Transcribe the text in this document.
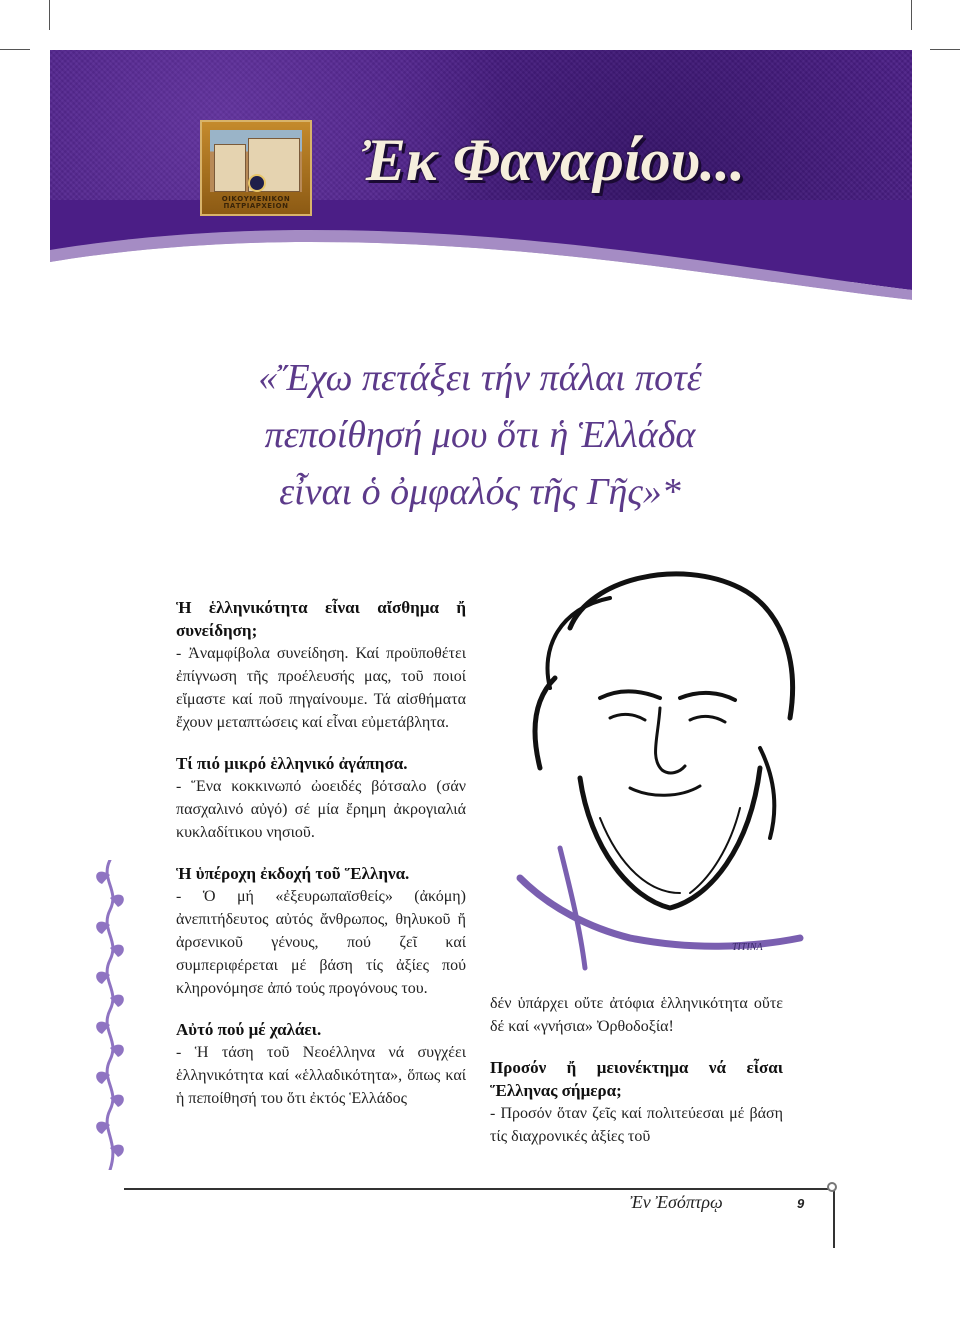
ΟΙΚΟΥΜΕΝΙΚΟΝ ΠΑΤΡΙΑΡΧΕΙΟΝ
Ἐκ Φαναρίου...
«Ἔχω πετάξει τήν πάλαι ποτέ
πεποίθησή μου ὅτι ἡ Ἑλλάδα
εἶναι ὁ ὀμφαλός τῆς Γῆς»*

Ἡ ἑλληνικότητα εἶναι αἴσθημα ἤ συνείδηση;

- Ἀναμφίβολα συνείδηση. Καί προϋποθέτει ἐπίγνωση τῆς προέλευσής μας, τοῦ ποιοί εἴμαστε καί ποῦ πηγαίνουμε. Τά αἰσθήματα ἔχουν μεταπτώσεις καί εἶναι εὐμετάβλητα.

Τί πιό μικρό ἑλληνικό ἀγάπησα.

- Ἕνα κοκκινωπό ὠοειδές βότσαλο (σάν πασχαλινό αὐγό) σέ μία ἔρημη ἀκρογιαλιά κυκλαδίτικου νησιοῦ.

Ἡ ὑπέροχη ἐκδοχή τοῦ Ἕλληνα.

- Ὁ μή «ἐξευρωπαϊσθείς» (ἀκόμη) ἀνεπιτήδευτος αὐτός ἄνθρωπος, θηλυκοῦ ἤ ἀρσενικοῦ γένους, πού ζεῖ καί συμπεριφέρεται μέ βάση τίς ἀξίες πού κληρονόμησε ἀπό τούς προγόνους του.

Αὐτό πού μέ χαλάει.

- Ἡ τάση τοῦ Νεοέλληνα νά συγχέει ἑλληνικότητα καί «ἑλλαδικότητα», ὅπως καί ἡ πεποίθησή του ὅτι ἐκτός Ἑλλάδος

ΤΙΤΙΝΑ

δέν ὑπάρχει οὔτε ἀτόφια ἑλληνικότητα οὔτε δέ καί «γνήσια» Ὀρθοδοξία!

Προσόν ἤ μειονέκτημα νά εἶσαι Ἕλληνας σήμερα;

- Προσόν ὅταν ζεῖς καί πολιτεύεσαι μέ βάση τίς διαχρονικές ἀξίες τοῦ

Ἐν Ἐσόπτρῳ	9
